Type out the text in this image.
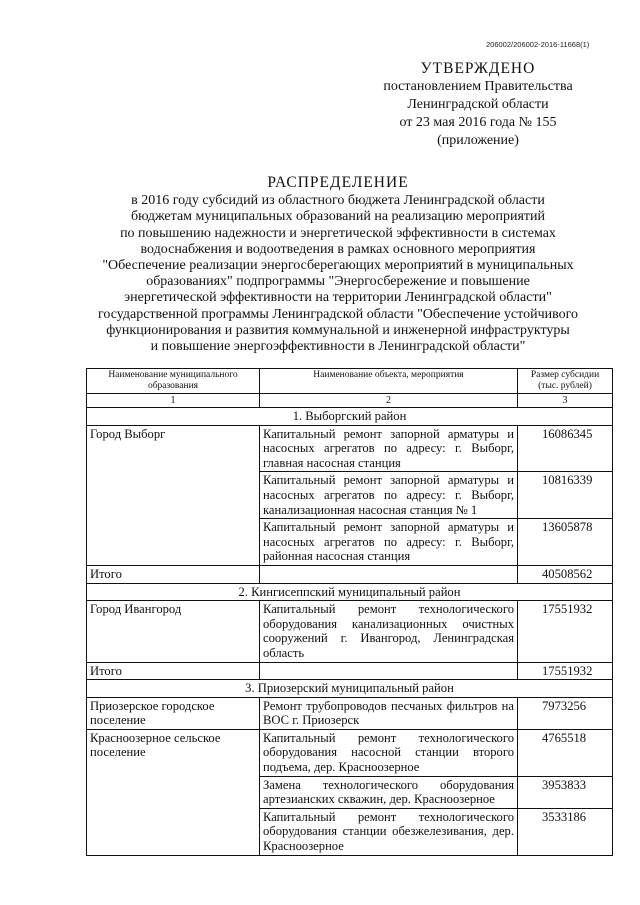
206002/206002-2016-11668(1)
УТВЕРЖДЕНО
постановлением Правительства
Ленинградской области
от 23 мая 2016 года № 155
(приложение)
РАСПРЕДЕЛЕНИЕ
в 2016 году субсидий из областного бюджета Ленинградской области
бюджетам муниципальных образований на реализацию мероприятий
по повышению надежности и энергетической эффективности в системах
водоснабжения и водоотведения в рамках основного мероприятия
"Обеспечение реализации энергосберегающих мероприятий в муниципальных
образованиях" подпрограммы "Энергосбережение и повышение
энергетической эффективности на территории Ленинградской области"
государственной программы Ленинградской области "Обеспечение устойчивого
функционирования и развития коммунальной и инженерной инфраструктуры
и повышение энергоэффективности в Ленинградской области"
Наименование муниципального образования	Наименование объекта, мероприятия	Размер субсидии (тыс. рублей)
1	2	3
1. Выборгский район		
Город Выборг	Капитальный ремонт запорной арматуры и насосных агрегатов по адресу: г. Выборг, главная насосная станция	16086345
	Капитальный ремонт запорной арматуры и насосных агрегатов по адресу: г. Выборг, канализационная насосная станция № 1	10816339
	Капитальный ремонт запорной арматуры и насосных агрегатов по адресу: г. Выборг, районная насосная станция	13605878
Итого		40508562
2. Кингисеппский муниципальный район		
Город Ивангород	Капитальный ремонт технологического оборудования канализационных очистных сооружений г. Ивангород, Ленинградская область	17551932
Итого		17551932
3. Приозерский муниципальный район		
Приозерское городское поселение	Ремонт трубопроводов песчаных фильтров на ВОС г. Приозерск	7973256
Красноозерное сельское поселение	Капитальный ремонт технологического оборудования насосной станции второго подъема, дер. Красноозерное	4765518
	Замена технологического оборудования артезианских скважин, дер. Красноозерное	3953833
	Капитальный ремонт технологического оборудования станции обезжелезивания, дер. Красноозерное	3533186
